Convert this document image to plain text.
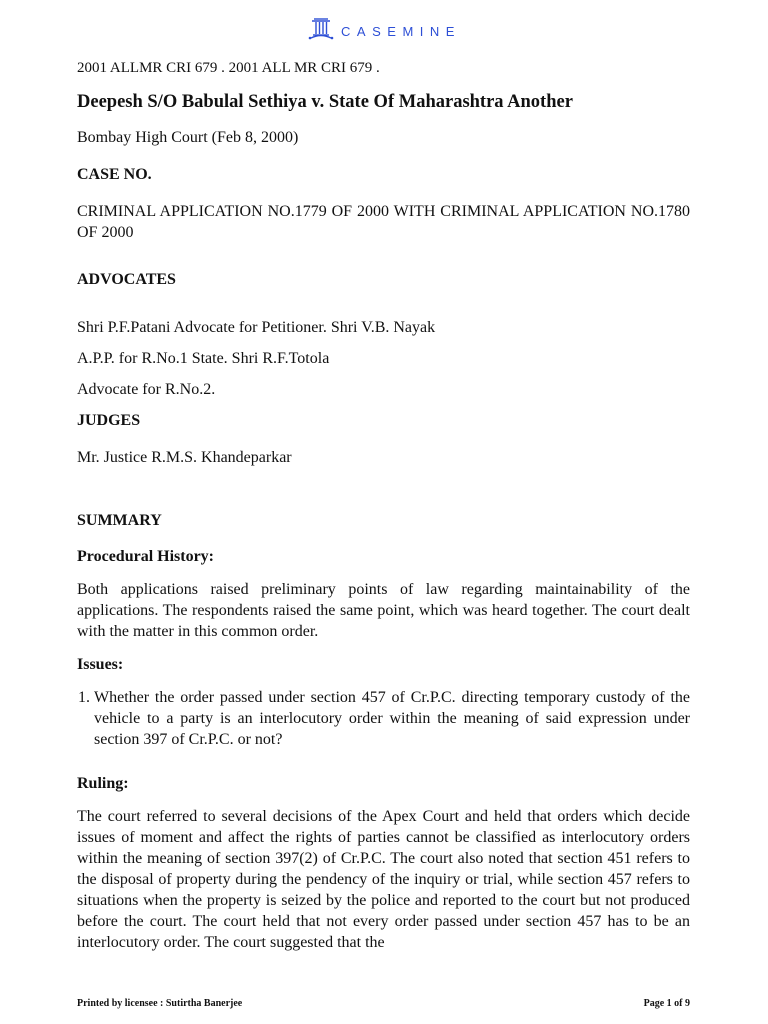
CASEMINE

2001 ALLMR CRI 679 . 2001 ALL MR CRI 679 .

Deepesh S/O Babulal Sethiya v. State Of Maharashtra Another

Bombay High Court (Feb 8, 2000)

CASE NO.

CRIMINAL APPLICATION NO.1779 OF 2000 WITH CRIMINAL APPLICATION NO.1780 OF 2000

ADVOCATES

Shri P.F.Patani Advocate for Petitioner. Shri V.B. Nayak

A.P.P. for R.No.1 State. Shri R.F.Totola

Advocate for R.No.2.

JUDGES

Mr. Justice R.M.S. Khandeparkar

SUMMARY

Procedural History:

Both applications raised preliminary points of law regarding maintainability of the applications. The respondents raised the same point, which was heard together. The court dealt with the matter in this common order.

Issues:

1. Whether the order passed under section 457 of Cr.P.C. directing temporary custody of the vehicle to a party is an interlocutory order within the meaning of said expression under section 397 of Cr.P.C. or not?

Ruling:

The court referred to several decisions of the Apex Court and held that orders which decide issues of moment and affect the rights of parties cannot be classified as interlocutory orders within the meaning of section 397(2) of Cr.P.C. The court also noted that section 451 refers to the disposal of property during the pendency of the inquiry or trial, while section 457 refers to situations when the property is seized by the police and reported to the court but not produced before the court. The court held that not every order passed under section 457 has to be an interlocutory order. The court suggested that the

Printed by licensee : Sutirtha Banerjee	Page 1 of 9
